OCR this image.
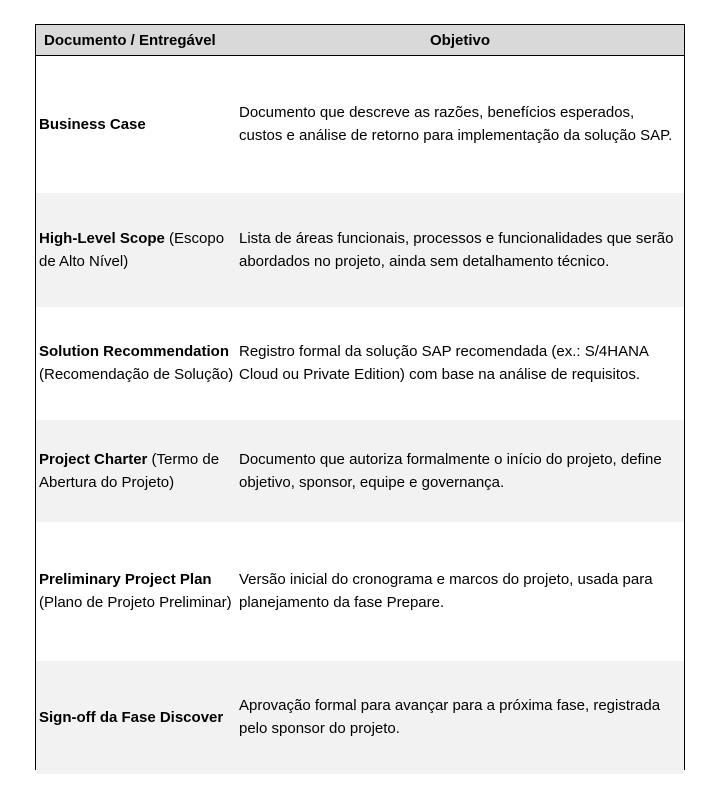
Documento / Entregável	Objetivo
Business Case	Documento que descreve as razões, benefícios esperados, custos e análise de retorno para implementação da solução SAP.
High-Level Scope (Escopo de Alto Nível)	Lista de áreas funcionais, processos e funcionalidades que serão abordados no projeto, ainda sem detalhamento técnico.
Solution Recommendation (Recomendação de Solução)	Registro formal da solução SAP recomendada (ex.: S/4HANA Cloud ou Private Edition) com base na análise de requisitos.
Project Charter (Termo de Abertura do Projeto)	Documento que autoriza formalmente o início do projeto, define objetivo, sponsor, equipe e governança.
Preliminary Project Plan (Plano de Projeto Preliminar)	Versão inicial do cronograma e marcos do projeto, usada para planejamento da fase Prepare.
Sign-off da Fase Discover	Aprovação formal para avançar para a próxima fase, registrada pelo sponsor do projeto.
